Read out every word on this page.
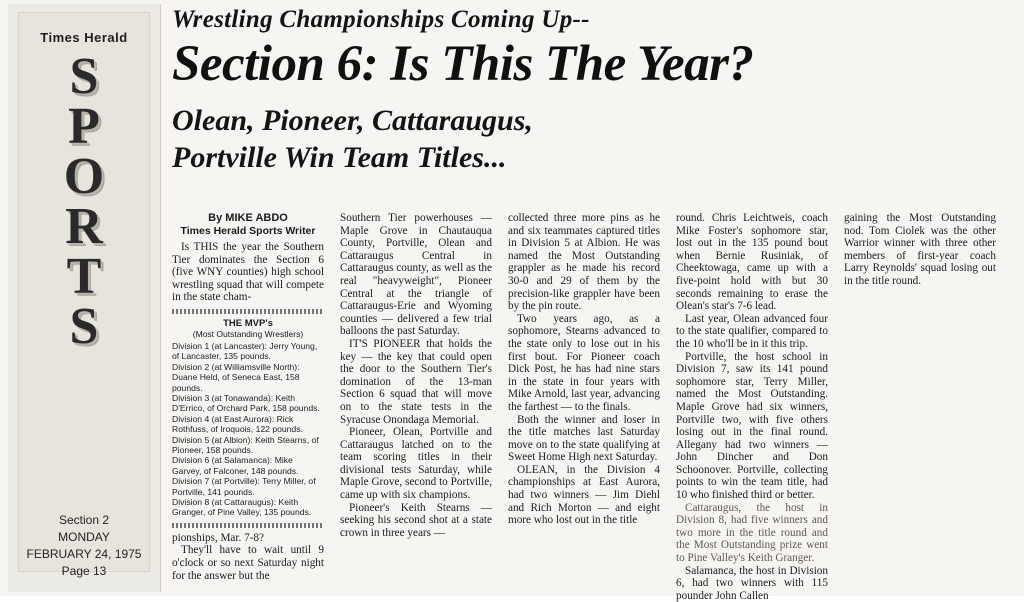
Times Herald
S
P
O
R
T
S
Section 2
MONDAY
FEBRUARY 24, 1975
Page 13
Wrestling Championships Coming Up--
Section 6: Is This The Year?
Olean, Pioneer, Cattaraugus,
Portville Win Team Titles...
By MIKE ABDO
Times Herald Sports Writer

Is THIS the year the Southern Tier dominates the Section 6 (five WNY counties) high school wrestling squad that will compete in the state cham-

THE MVP's
(Most Outstanding Wrestlers)
Division 1 (at Lancaster): Jerry Young, of Lancaster, 135 pounds.
Division 2 (at Williamsville North): Duane Held, of Seneca East, 158 pounds.
Division 3 (at Tonawanda): Keith D'Errico, of Orchard Park, 158 pounds.
Division 4 (at East Aurora): Rick Rothfuss, of Iroquois, 122 pounds.
Division 5 (at Albion): Keith Stearns, of Pioneer, 158 pounds.
Division 6 (at Salamanca): Mike Garvey, of Falconer, 148 pounds.
Division 7 (at Portville): Terry Miller, of Portville, 141 pounds.
Division 8 (at Cattaraugus): Keith Granger, of Pine Valley, 135 pounds.

pionships, Mar. 7-8?

They'll have to wait until 9 o'clock or so next Saturday night for the answer but the

Southern Tier powerhouses — Maple Grove in Chautauqua County, Portville, Olean and Cattaraugus Central in Cattaraugus county, as well as the real "heavyweight", Pioneer Central at the triangle of Cattaraugus-Erie and Wyoming counties — delivered a few trial balloons the past Saturday.

IT'S PIONEER that holds the key — the key that could open the door to the Southern Tier's domination of the 13-man Section 6 squad that will move on to the state tests in the Syracuse Onondaga Memorial.

Pioneer, Olean, Portville and Cattaraugus latched on to the team scoring titles in their divisional tests Saturday, while Maple Grove, second to Portville, came up with six champions.

Pioneer's Keith Stearns — seeking his second shot at a state crown in three years —

collected three more pins as he and six teammates captured titles in Division 5 at Albion. He was named the Most Outstanding grappler as he made his record 30-0 and 29 of them by the precision-like grappler have been by the pin route.

Two years ago, as a sophomore, Stearns advanced to the state only to lose out in his first bout. For Pioneer coach Dick Post, he has had nine stars in the state in four years with Mike Arnold, last year, advancing the farthest — to the finals.

Both the winner and loser in the title matches last Saturday move on to the state qualifying at Sweet Home High next Saturday.

OLEAN, in the Division 4 championships at East Aurora, had two winners — Jim Diehl and Rich Morton — and eight more who lost out in the title

round. Chris Leichtweis, coach Mike Foster's sophomore star, lost out in the 135 pound bout when Bernie Rusiniak, of Cheektowaga, came up with a five-point hold with but 30 seconds remaining to erase the Olean's star's 7-6 lead.

Last year, Olean advanced four to the state qualifier, compared to the 10 who'll be in it this trip.

Portville, the host school in Division 7, saw its 141 pound sophomore star, Terry Miller, named the Most Outstanding. Maple Grove had six winners, Portville two, with five others losing out in the final round. Allegany had two winners — John Dincher and Don Schoonover. Portville, collecting points to win the team title, had 10 who finished third or better.

Cattaraugus, the host in Division 8, had five winners and two more in the title round and the Most Outstanding prize went to Pine Valley's Keith Granger.

Salamanca, the host in Division 6, had two winners with 115 pounder John Callen

gaining the Most Outstanding nod. Tom Ciolek was the other Warrior winner with three other members of first-year coach Larry Reynolds' squad losing out in the title round.
